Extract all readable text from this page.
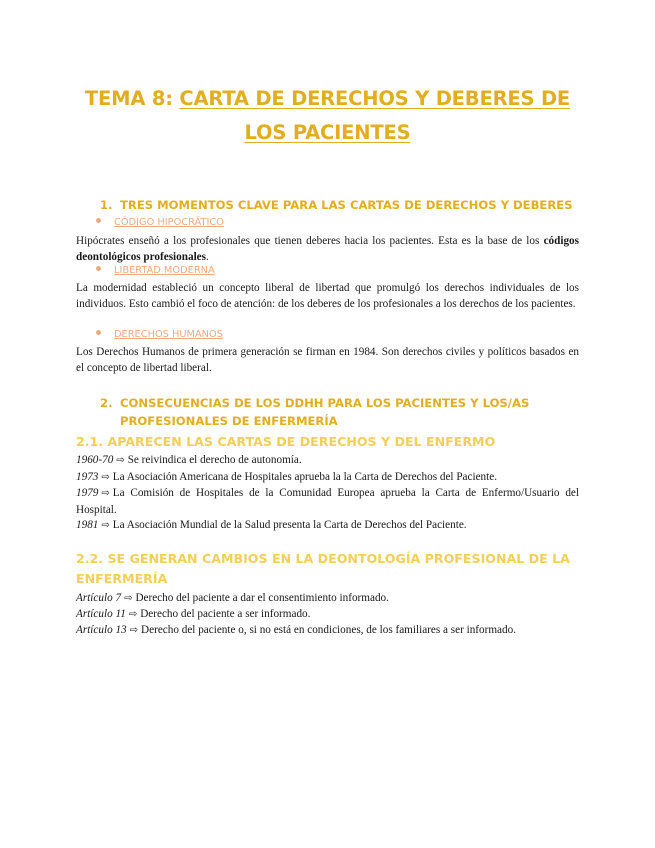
TEMA 8: CARTA DE DERECHOS Y DEBERES DE
LOS PACIENTES

1. TRES MOMENTOS CLAVE PARA LAS CARTAS DE DERECHOS Y DEBERES

CÓDIGO HIPOCRÁTICO

Hipócrates enseñó a los profesionales que tienen deberes hacia los pacientes. Esta es la base de los códigos deontológicos profesionales.

LIBERTAD MODERNA

La modernidad estableció un concepto liberal de libertad que promulgó los derechos individuales de los individuos. Esto cambió el foco de atención: de los deberes de los profesionales a los derechos de los pacientes.

DERECHOS HUMANOS

Los Derechos Humanos de primera generación se firman en 1984. Son derechos civiles y políticos basados en el concepto de libertad liberal.

2. CONSECUENCIAS DE LOS DDHH PARA LOS PACIENTES Y LOS/AS

PROFESIONALES DE ENFERMERÍA

2.1. APARECEN LAS CARTAS DE DERECHOS Y DEL ENFERMO

1960-70 ⇨ Se reivindica el derecho de autonomía.

1973 ⇨ La Asociación Americana de Hospitales aprueba la la Carta de Derechos del Paciente.

1979 ⇨ La Comisión de Hospitales de la Comunidad Europea aprueba la Carta de Enfermo/Usuario del Hospital.

1981 ⇨ La Asociación Mundial de la Salud presenta la Carta de Derechos del Paciente.

2.2. SE GENERAN CAMBIOS EN LA DEONTOLOGÍA PROFESIONAL DE LA

ENFERMERÍA

Artículo 7 ⇨ Derecho del paciente a dar el consentimiento informado.

Artículo 11 ⇨ Derecho del paciente a ser informado.

Artículo 13 ⇨ Derecho del paciente o, si no está en condiciones, de los familiares a ser informado.
